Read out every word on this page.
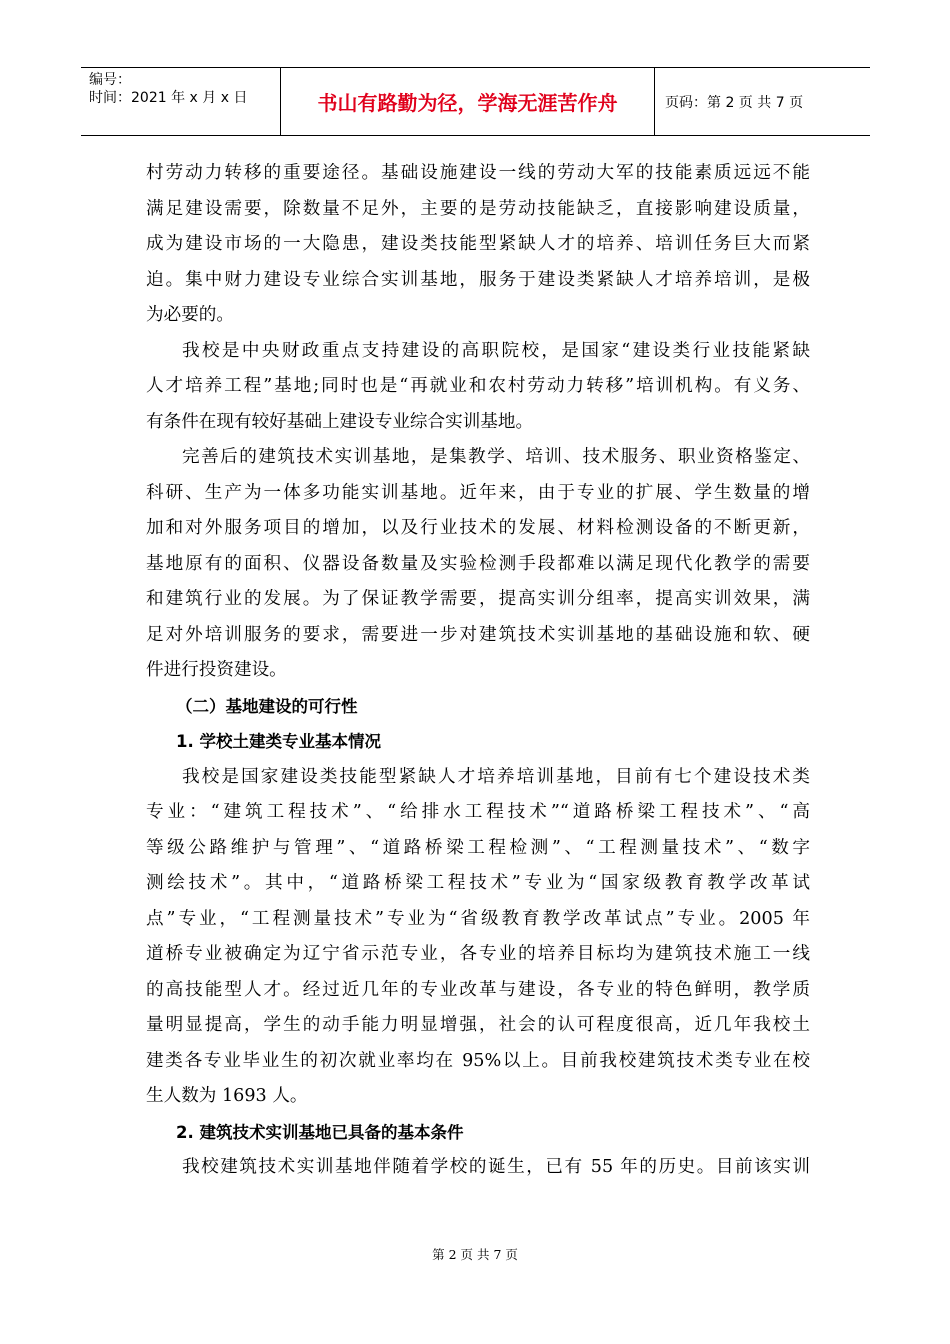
编号：
时间：2021 年 x 月 x 日	书山有路勤为径，学海无涯苦作舟	页码：第 2 页 共 7 页
村劳动力转移的重要途径。基础设施建设一线的劳动大军的技能素质远远不能
满足建设需要，除数量不足外，主要的是劳动技能缺乏，直接影响建设质量，
成为建设市场的一大隐患，建设类技能型紧缺人才的培养、培训任务巨大而紧
迫。集中财力建设专业综合实训基地，服务于建设类紧缺人才培养培训，是极
为必要的。
我校是中央财政重点支持建设的高职院校，是国家“建设类行业技能紧缺
人才培养工程”基地;同时也是“再就业和农村劳动力转移”培训机构。有义务、
有条件在现有较好基础上建设专业综合实训基地。
完善后的建筑技术实训基地，是集教学、培训、技术服务、职业资格鉴定、
科研、生产为一体多功能实训基地。近年来，由于专业的扩展、学生数量的增
加和对外服务项目的增加，以及行业技术的发展、材料检测设备的不断更新，
基地原有的面积、仪器设备数量及实验检测手段都难以满足现代化教学的需要
和建筑行业的发展。为了保证教学需要，提高实训分组率，提高实训效果，满
足对外培训服务的要求，需要进一步对建筑技术实训基地的基础设施和软、硬
件进行投资建设。
（二）基地建设的可行性
1. 学校土建类专业基本情况
我校是国家建设类技能型紧缺人才培养培训基地，目前有七个建设技术类
专业：“建筑工程技术”、“给排水工程技术”“道路桥梁工程技术”、“高
等级公路维护与管理”、“道路桥梁工程检测”、“工程测量技术”、“数字
测绘技术”。其中，“道路桥梁工程技术”专业为“国家级教育教学改革试
点”专业，“工程测量技术”专业为“省级教育教学改革试点”专业。2005 年
道桥专业被确定为辽宁省示范专业，各专业的培养目标均为建筑技术施工一线
的高技能型人才。经过近几年的专业改革与建设，各专业的特色鲜明，教学质
量明显提高，学生的动手能力明显增强，社会的认可程度很高，近几年我校土
建类各专业毕业生的初次就业率均在 95%以上。目前我校建筑技术类专业在校
生人数为 1693 人。
2. 建筑技术实训基地已具备的基本条件
我校建筑技术实训基地伴随着学校的诞生，已有 55 年的历史。目前该实训
第 2 页 共 7 页
